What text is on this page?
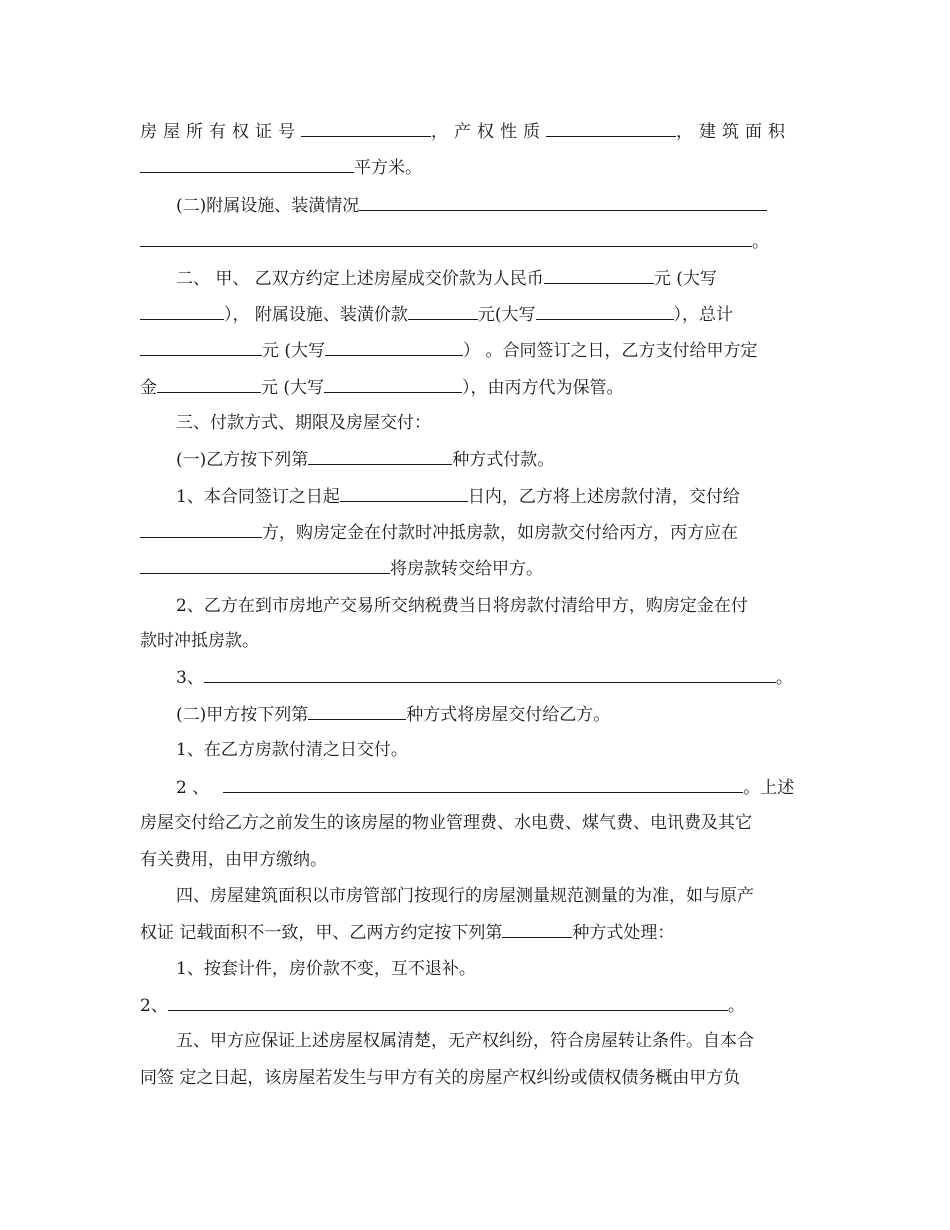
房屋所有权证号	，产权性质	，建筑面积
平方米。
(二)附属设施、装潢情况
。
二、 甲、 乙双方约定上述房屋成交价款为人民币	元 (大写
）， 附属设施、装潢价款	元(大写	），总计
元 (大写	） 。合同签订之日，乙方支付给甲方定
金	元 (大写	），由丙方代为保管。
三、付款方式、期限及房屋交付：
(一)乙方按下列第	种方式付款。
1、本合同签订之日起	日内，乙方将上述房款付清，交付给
方，购房定金在付款时冲抵房款，如房款交付给丙方，丙方应在
将房款转交给甲方。
2、乙方在到市房地产交易所交纳税费当日将房款付清给甲方，购房定金在付
款时冲抵房款。
3、	。
(二)甲方按下列第	种方式将房屋交付给乙方。
1、在乙方房款付清之日交付。
2 、	。上述
房屋交付给乙方之前发生的该房屋的物业管理费、水电费、煤气费、电讯费及其它
有关费用，由甲方缴纳。
四、房屋建筑面积以市房管部门按现行的房屋测量规范测量的为准，如与原产
权证 记载面积不一致，甲、乙两方约定按下列第	种方式处理：
1、按套计件，房价款不变，互不退补。
2、	。
五、甲方应保证上述房屋权属清楚，无产权纠纷，符合房屋转让条件。自本合
同签 定之日起，该房屋若发生与甲方有关的房屋产权纠纷或债权债务概由甲方负
